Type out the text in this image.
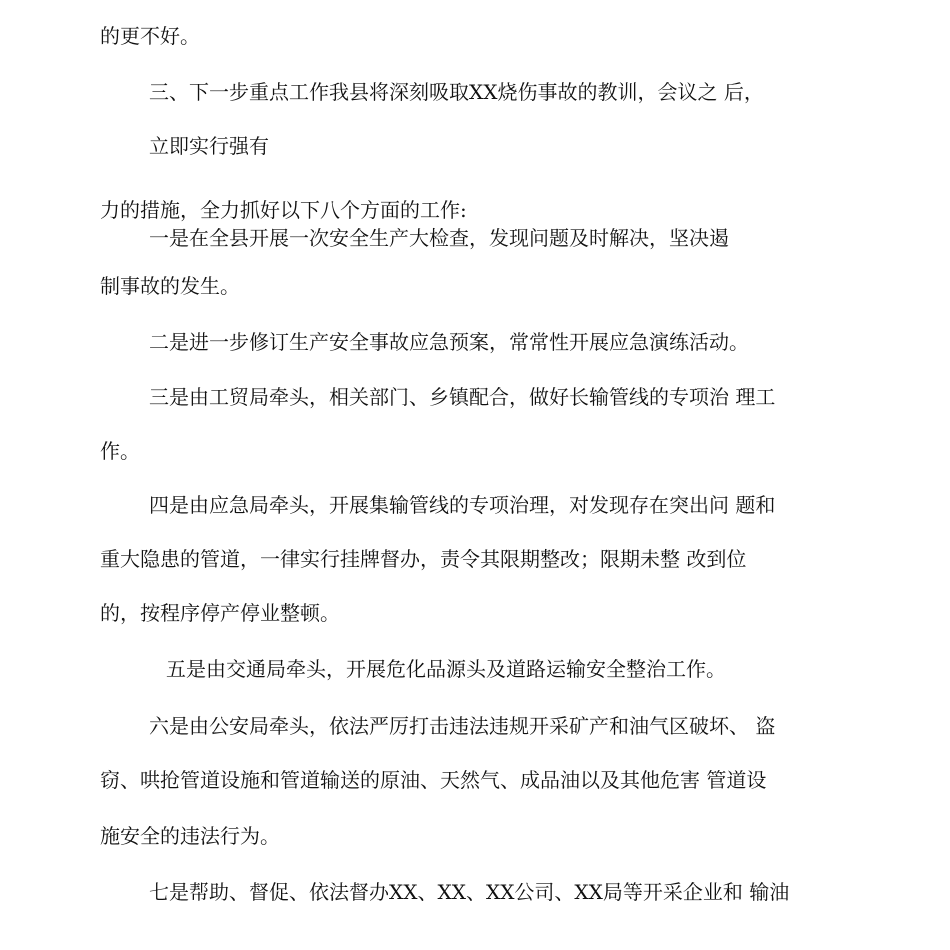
的更不好。

三、下一步重点工作我县将深刻吸取XX烧伤事故的教训，会议之 后，

立即实行强有

力的措施，全力抓好以下八个方面的工作:

一是在全县开展一次安全生产大检查，发现问题及时解决，坚决遏

制事故的发生。

二是进一步修订生产安全事故应急预案，常常性开展应急演练活动。

三是由工贸局牵头，相关部门、乡镇配合，做好长输管线的专项治 理工

作。

四是由应急局牵头，开展集输管线的专项治理，对发现存在突出问 题和

重大隐患的管道，一律实行挂牌督办，责令其限期整改；限期未整 改到位

的，按程序停产停业整顿。

五是由交通局牵头，开展危化品源头及道路运输安全整治工作。

六是由公安局牵头，依法严厉打击违法违规开采矿产和油气区破坏、 盗

窃、哄抢管道设施和管道输送的原油、天然气、成品油以及其他危害 管道设

施安全的违法行为。

七是帮助、督促、依法督办XX、XX、XX公司、XX局等开采企业和 输油
